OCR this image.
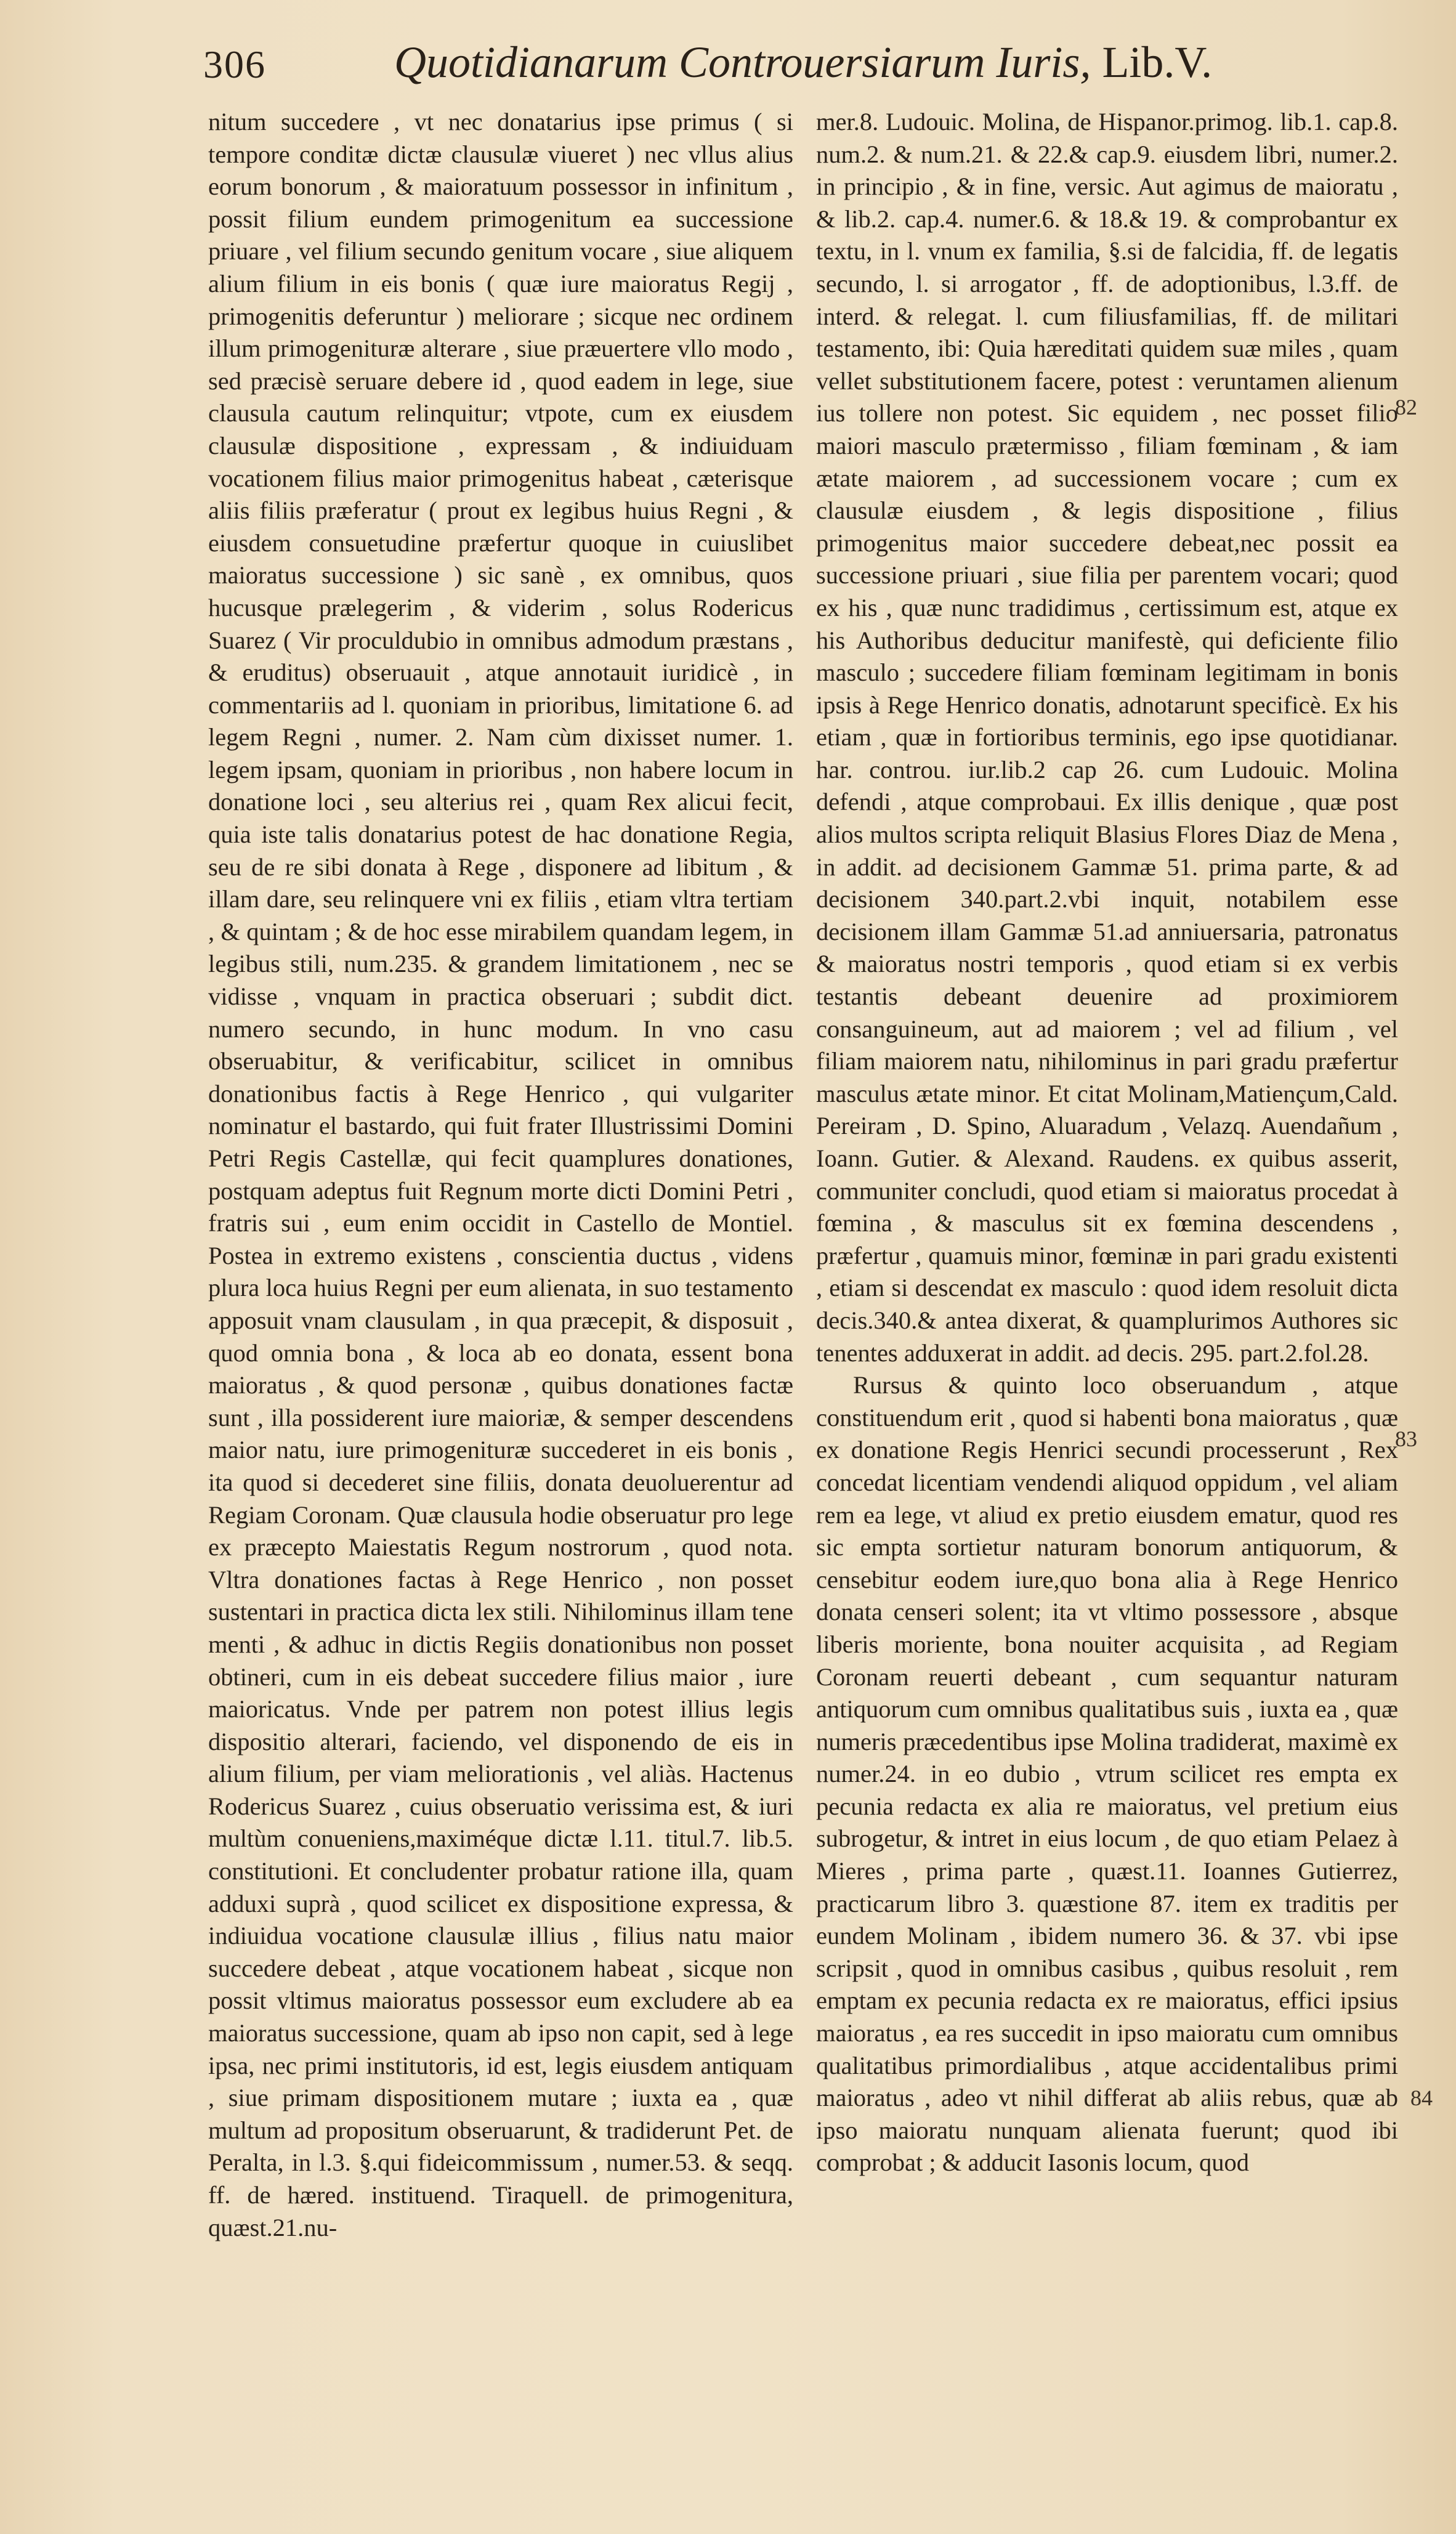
306	Quotidianarum Controuersiarum Iuris, Lib.V.

nitum succedere , vt nec donatarius ipse primus ( si tempore conditæ dictæ clausulæ viueret ) nec vllus alius eorum bonorum , & maioratuum possessor in infinitum , possit filium eundem primogenitum ea successione priuare , vel filium secundo genitum vocare , siue aliquem alium filium in eis bonis ( quæ iure maioratus Regij , primogenitis deferuntur ) meliorare ; sicque nec ordinem illum primogenituræ alterare , siue præuertere vllo modo , sed præcisè seruare debere id , quod eadem in lege, siue clausula cautum relinquitur; vtpote, cum ex eiusdem clausulæ dispositione , expressam , & indiuiduam vocationem filius maior primogenitus habeat , cæterisque aliis filiis præferatur ( prout ex legibus huius Regni , & eiusdem consuetudine præfertur quoque in cuiuslibet maioratus successione ) sic sanè , ex omnibus, quos hucusque prælegerim , & viderim , solus Rodericus Suarez ( Vir proculdubio in omnibus admodum præstans , & eruditus) obseruauit , atque annotauit iuridicè , in commentariis ad l. quoniam in prioribus, limitatione 6. ad legem Regni , numer. 2. Nam cùm dixisset numer. 1. legem ipsam, quoniam in prioribus , non habere locum in donatione loci , seu alterius rei , quam Rex alicui fecit, quia iste talis donatarius potest de hac donatione Regia, seu de re sibi donata à Rege , disponere ad libitum , & illam dare, seu relinquere vni ex filiis , etiam vltra tertiam , & quintam ; & de hoc esse mirabilem quandam legem, in legibus stili, num.235. & grandem limitationem , nec se vidisse , vnquam in practica obseruari ; subdit dict. numero secundo, in hunc modum. In vno casu obseruabitur, & verificabitur, scilicet in omnibus donationibus factis à Rege Henrico , qui vulgariter nominatur el bastardo, qui fuit frater Illustrissimi Domini Petri Regis Castellæ, qui fecit quamplures donationes, postquam adeptus fuit Regnum morte dicti Domini Petri , fratris sui , eum enim occidit in Castello de Montiel. Postea in extremo existens , conscientia ductus , videns plura loca huius Regni per eum alienata, in suo testamento apposuit vnam clausulam , in qua præcepit, & disposuit , quod omnia bona , & loca ab eo donata, essent bona maioratus , & quod personæ , quibus donationes factæ sunt , illa possiderent iure maioriæ, & semper descendens maior natu, iure primogenituræ succederet in eis bonis , ita quod si decederet sine filiis, donata deuoluerentur ad Regiam Coronam. Quæ clausula hodie obseruatur pro lege ex præcepto Maiestatis Regum nostrorum , quod nota. Vltra donationes factas à Rege Henrico , non posset sustentari in practica dicta lex stili. Nihilominus illam tene menti , & adhuc in dictis Regiis donationibus non posset obtineri, cum in eis debeat succedere filius maior , iure maioricatus. Vnde per patrem non potest illius legis dispositio alterari, faciendo, vel disponendo de eis in alium filium, per viam meliorationis , vel aliàs. Hactenus Rodericus Suarez , cuius obseruatio verissima est, & iuri multùm conueniens,maximéque dictæ l.11. titul.7. lib.5. constitutioni. Et concludenter probatur ratione illa, quam adduxi suprà , quod scilicet ex dispositione expressa, & indiuidua vocatione clausulæ illius , filius natu maior succedere debeat , atque vocationem habeat , sicque non possit vltimus maioratus possessor eum excludere ab ea maioratus successione, quam ab ipso non capit, sed à lege ipsa, nec primi institutoris, id est, legis eiusdem antiquam , siue primam dispositionem mutare ; iuxta ea , quæ multum ad propositum obseruarunt, & tradiderunt Pet. de Peralta, in l.3. §.qui fideicommissum , numer.53. & seqq. ff. de hæred. instituend. Tiraquell. de primogenitura, quæst.21.nu-

mer.8. Ludouic. Molina, de Hispanor.primog. lib.1. cap.8. num.2. & num.21. & 22.& cap.9. eiusdem libri, numer.2. in principio , & in fine, versic. Aut agimus de maioratu , & lib.2. cap.4. numer.6. & 18.& 19. & comprobantur ex textu, in l. vnum ex familia, §.si de falcidia, ff. de legatis secundo, l. si arrogator , ff. de adoptionibus, l.3.ff. de interd. & relegat. l. cum filiusfamilias, ff. de militari testamento, ibi: Quia hæreditati quidem suæ miles , quam vellet substitutionem facere, potest : veruntamen alienum ius tollere non potest. Sic equidem , nec posset filio maiori masculo prætermisso , filiam fœminam , & iam ætate maiorem , ad successionem vocare ; cum ex clausulæ eiusdem , & legis dispositione , filius primogenitus maior succedere debeat,nec possit ea successione priuari , siue filia per parentem vocari; quod ex his , quæ nunc tradidimus , certissimum est, atque ex his Authoribus deducitur manifestè, qui deficiente filio masculo ; succedere filiam fœminam legitimam in bonis ipsis à Rege Henrico donatis, adnotarunt specificè. Ex his etiam , quæ in fortioribus terminis, ego ipse quotidianar. har. controu. iur.lib.2 cap 26. cum Ludouic. Molina defendi , atque comprobaui. Ex illis denique , quæ post alios multos scripta reliquit Blasius Flores Diaz de Mena , in addit. ad decisionem Gammæ 51. prima parte, & ad decisionem 340.part.2.vbi inquit, notabilem esse decisionem illam Gammæ 51.ad anniuersaria, patronatus & maioratus nostri temporis , quod etiam si ex verbis testantis debeant deuenire ad proximiorem consanguineum, aut ad maiorem ; vel ad filium , vel filiam maiorem natu, nihilominus in pari gradu præfertur masculus ætate minor. Et citat Molinam,Matiençum,Cald. Pereiram , D. Spino, Aluaradum , Velazq. Auendañum , Ioann. Gutier. & Alexand. Raudens. ex quibus asserit, communiter concludi, quod etiam si maioratus procedat à fœmina , & masculus sit ex fœmina descendens , præfertur , quamuis minor, fœminæ in pari gradu existenti , etiam si descendat ex masculo : quod idem resoluit dicta decis.340.& antea dixerat, & quamplurimos Authores sic tenentes adduxerat in addit. ad decis. 295. part.2.fol.28.

Rursus & quinto loco obseruandum , atque constituendum erit , quod si habenti bona maioratus , quæ ex donatione Regis Henrici secundi processerunt , Rex concedat licentiam vendendi aliquod oppidum , vel aliam rem ea lege, vt aliud ex pretio eiusdem ematur, quod res sic empta sortietur naturam bonorum antiquorum, & censebitur eodem iure,quo bona alia à Rege Henrico donata censeri solent; ita vt vltimo possessore , absque liberis moriente, bona nouiter acquisita , ad Regiam Coronam reuerti debeant , cum sequantur naturam antiquorum cum omnibus qualitatibus suis , iuxta ea , quæ numeris præcedentibus ipse Molina tradiderat, maximè ex numer.24. in eo dubio , vtrum scilicet res empta ex pecunia redacta ex alia re maioratus, vel pretium eius subrogetur, & intret in eius locum , de quo etiam Pelaez à Mieres , prima parte , quæst.11. Ioannes Gutierrez, practicarum libro 3. quæstione 87. item ex traditis per eundem Molinam , ibidem numero 36. & 37. vbi ipse scripsit , quod in omnibus casibus , quibus resoluit , rem emptam ex pecunia redacta ex re maioratus, effici ipsius maioratus , ea res succedit in ipso maioratu cum omnibus qualitatibus primordialibus , atque accidentalibus primi maioratus , adeo vt nihil differat ab aliis rebus, quæ ab ipso maioratu nunquam alienata fuerunt; quod ibi comprobat ; & adducit Iasonis locum, quod

82
83
84
